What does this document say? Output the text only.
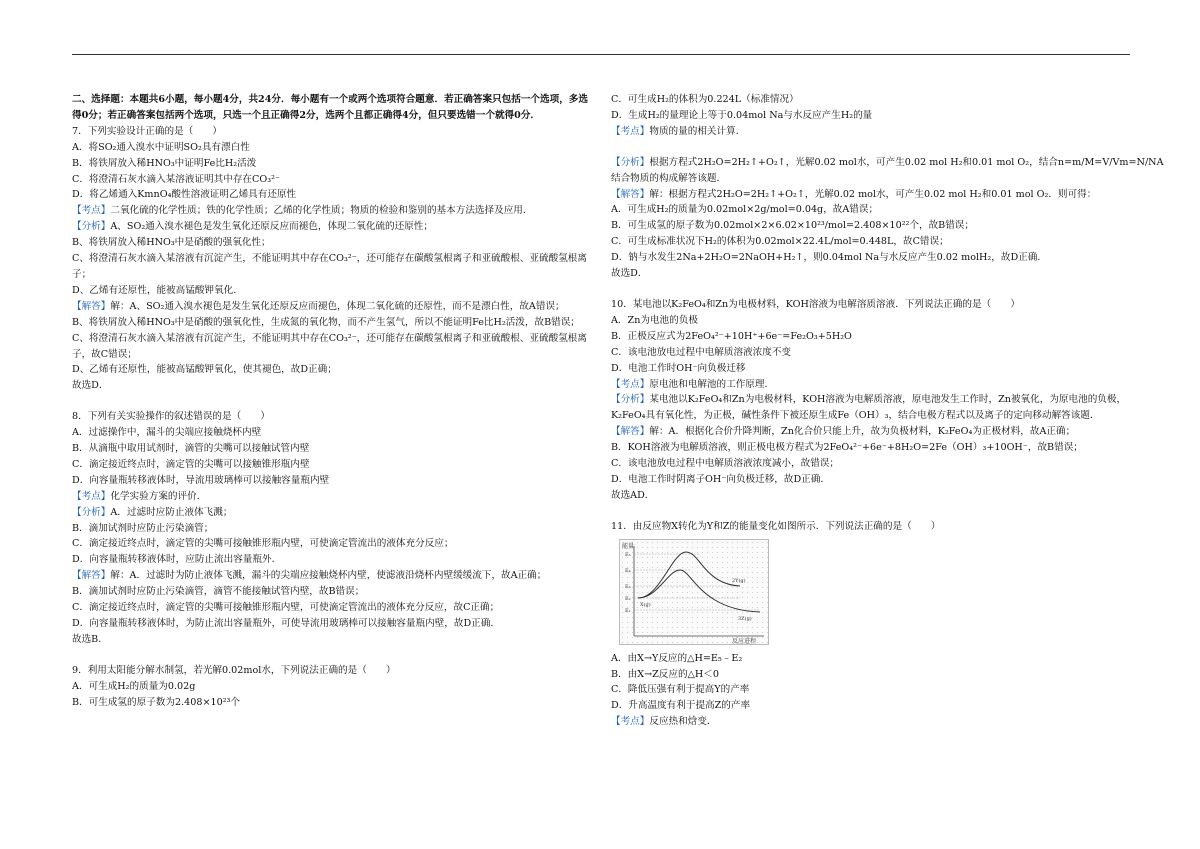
二、选择题：本题共6小题，每小题4分，共24分．每小题有一个或两个选项符合题意．若正确答案只包括一个选项，多选得0分；若正确答案包括两个选项，只选一个且正确得2分，选两个且都正确得4分，但只要选错一个就得0分．
7．下列实验设计正确的是（　　）
A．将SO₂通入溴水中证明SO₂具有漂白性
B．将铁屑放入稀HNO₃中证明Fe比H₂活泼
C．将澄清石灰水滴入某溶液证明其中存在CO₃²⁻
D．将乙烯通入KmnO₄酸性溶液证明乙烯具有还原性
【考点】二氧化硫的化学性质；铁的化学性质；乙烯的化学性质；物质的检验和鉴别的基本方法选择及应用．
【分析】A、SO₂通入溴水褪色是发生氧化还原反应而褪色，体现二氧化硫的还原性；
B、将铁屑放入稀HNO₃中是硝酸的强氧化性；
C、将澄清石灰水滴入某溶液有沉淀产生，不能证明其中存在CO₃²⁻，还可能存在碳酸氢根离子和亚硫酸根、亚硫酸氢根离子；
D、乙烯有还原性，能被高锰酸钾氧化．
【解答】解：A、SO₂通入溴水褪色是发生氧化还原反应而褪色，体现二氧化硫的还原性，而不是漂白性，故A错误；
B、将铁屑放入稀HNO₃中是硝酸的强氧化性，生成氮的氧化物，而不产生氢气，所以不能证明Fe比H₂活泼，故B错误；
C、将澄清石灰水滴入某溶液有沉淀产生，不能证明其中存在CO₃²⁻，还可能存在碳酸氢根离子和亚硫酸根、亚硫酸氢根离子，故C错误；
D、乙烯有还原性，能被高锰酸钾氧化，使其褪色，故D正确；
故选D．
8．下列有关实验操作的叙述错误的是（　　）
A．过滤操作中，漏斗的尖端应接触烧杯内壁
B．从滴瓶中取用试剂时，滴管的尖嘴可以接触试管内壁
C．滴定接近终点时，滴定管的尖嘴可以接触锥形瓶内壁
D．向容量瓶转移液体时，导流用玻璃棒可以接触容量瓶内壁
【考点】化学实验方案的评价．
【分析】A．过滤时应防止液体飞溅；
B．滴加试剂时应防止污染滴管；
C．滴定接近终点时，滴定管的尖嘴可接触锥形瓶内壁，可使滴定管流出的液体充分反应；
D．向容量瓶转移液体时，应防止流出容量瓶外．
【解答】解：A．过滤时为防止液体飞溅，漏斗的尖端应接触烧杯内壁，使滤液沿烧杯内壁缓缓流下，故A正确；
B．滴加试剂时应防止污染滴管，滴管不能接触试管内壁，故B错误；
C．滴定接近终点时，滴定管的尖嘴可接触锥形瓶内壁，可使滴定管流出的液体充分反应，故C正确；
D．向容量瓶转移液体时，为防止流出容量瓶外，可使导流用玻璃棒可以接触容量瓶内壁，故D正确．
故选B．
9．利用太阳能分解水制氢，若光解0.02mol水，下列说法正确的是（　　）
A．可生成H₂的质量为0.02g
B．可生成氢的原子数为2.408×10²³个
C．可生成H₂的体积为0.224L（标准情况）
D．生成H₂的量理论上等于0.04mol Na与水反应产生H₂的量
【考点】物质的量的相关计算．
【分析】根据方程式2H₂O=2H₂↑+O₂↑，光解0.02 mol水，可产生0.02 mol H₂和0.01 mol O₂，结合n=m/M=V/Vm=N/NA
结合物质的构成解答该题．
【解答】解：根据方程式2H₂O=2H₂↑+O₂↑，光解0.02 mol水，可产生0.02 mol H₂和0.01 mol O₂．则可得：
A．可生成H₂的质量为0.02mol×2g/mol=0.04g，故A错误；
B．可生成氢的原子数为0.02mol×2×6.02×10²³/mol=2.408×10²²个，故B错误；
C．可生成标准状况下H₂的体积为0.02mol×22.4L/mol=0.448L，故C错误；
D．钠与水发生2Na+2H₂O=2NaOH+H₂↑，则0.04mol Na与水反应产生0.02 molH₂，故D正确．
故选D．
10．某电池以K₂FeO₄和Zn为电极材料，KOH溶液为电解溶质溶液．下列说法正确的是（　　）
A．Zn为电池的负极
B．正极反应式为2FeO₄²⁻+10H⁺+6e⁻=Fe₂O₃+5H₂O
C．该电池放电过程中电解质溶液浓度不变
D．电池工作时OH⁻向负极迁移
【考点】原电池和电解池的工作原理．
【分析】某电池以K₂FeO₄和Zn为电极材料，KOH溶液为电解质溶液，原电池发生工作时，Zn被氧化，为原电池的负极，K₂FeO₄具有氧化性，为正极，碱性条件下被还原生成Fe（OH）₃，结合电极方程式以及离子的定向移动解答该题．
【解答】解：A．根据化合价升降判断，Zn化合价只能上升，故为负极材料，K₂FeO₄为正极材料，故A正确；
B．KOH溶液为电解质溶液，则正极电极方程式为2FeO₄²⁻+6e⁻+8H₂O=2Fe（OH）₃+10OH⁻，故B错误；
C．该电池放电过程中电解质溶液浓度减小，故错误；
D．电池工作时阴离子OH⁻向负极迁移，故D正确．
故选AD．
11．由反应物X转化为Y和Z的能量变化如图所示．下列说法正确的是（　　）
能量
反应进程
E₅
E₄
E₃
E₂
E₁
X(g)
2Y(g)
3Z(g)
A．由X→Y反应的△H=E₅﹣E₂
B．由X→Z反应的△H＜0
C．降低压强有利于提高Y的产率
D．升高温度有利于提高Z的产率
【考点】反应热和焓变．
